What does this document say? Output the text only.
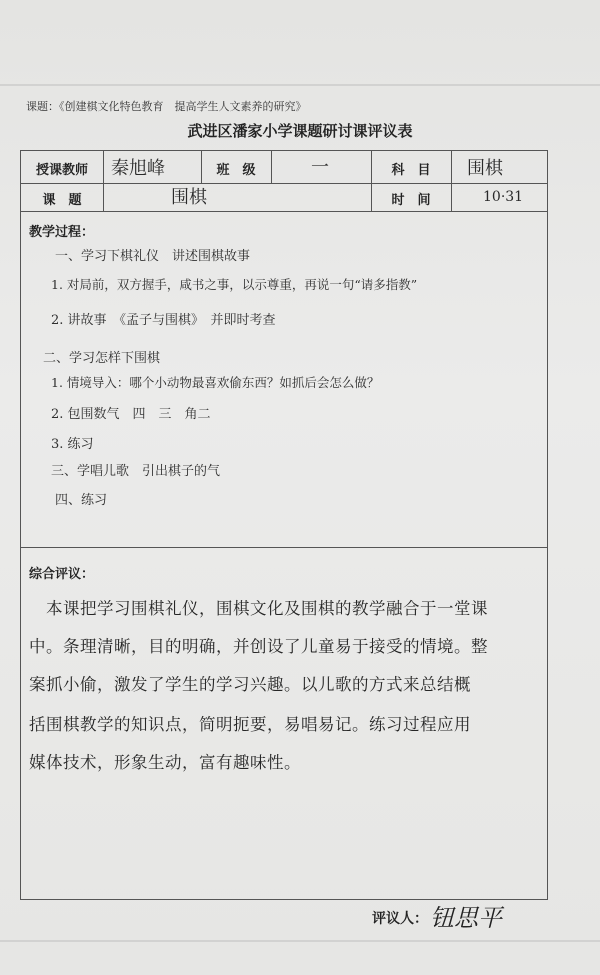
课题：《创建棋文化特色教育　提高学生人文素养的研究》
武进区潘家小学课题研讨课评议表
授课教师	秦旭峰	班　级	一	科　目	围棋
课　题	围棋	时　间	10·31
教学过程：
一、学习下棋礼仪　讲述围棋故事
1. 对局前，双方握手，咸书之事，以示尊重，再说一句“请多指教”
2. 讲故事　《孟子与围棋》　并即时考查
二、学习怎样下围棋
1. 情境导入：哪个小动物最喜欢偷东西？如抓后会怎么做？
2. 包围数气　四　三　角二
3. 练习
三、学唱儿歌　引出棋子的气
四、练习
综合评议：
　本课把学习围棋礼仪，围棋文化及围棋的教学融合于一堂课
中。条理清晰，目的明确，并创设了儿童易于接受的情境。整
案抓小偷，激发了学生的学习兴趣。以儿歌的方式来总结概
括围棋教学的知识点，简明扼要，易唱易记。练习过程应用
媒体技术，形象生动，富有趣味性。
评议人： 钮思平
